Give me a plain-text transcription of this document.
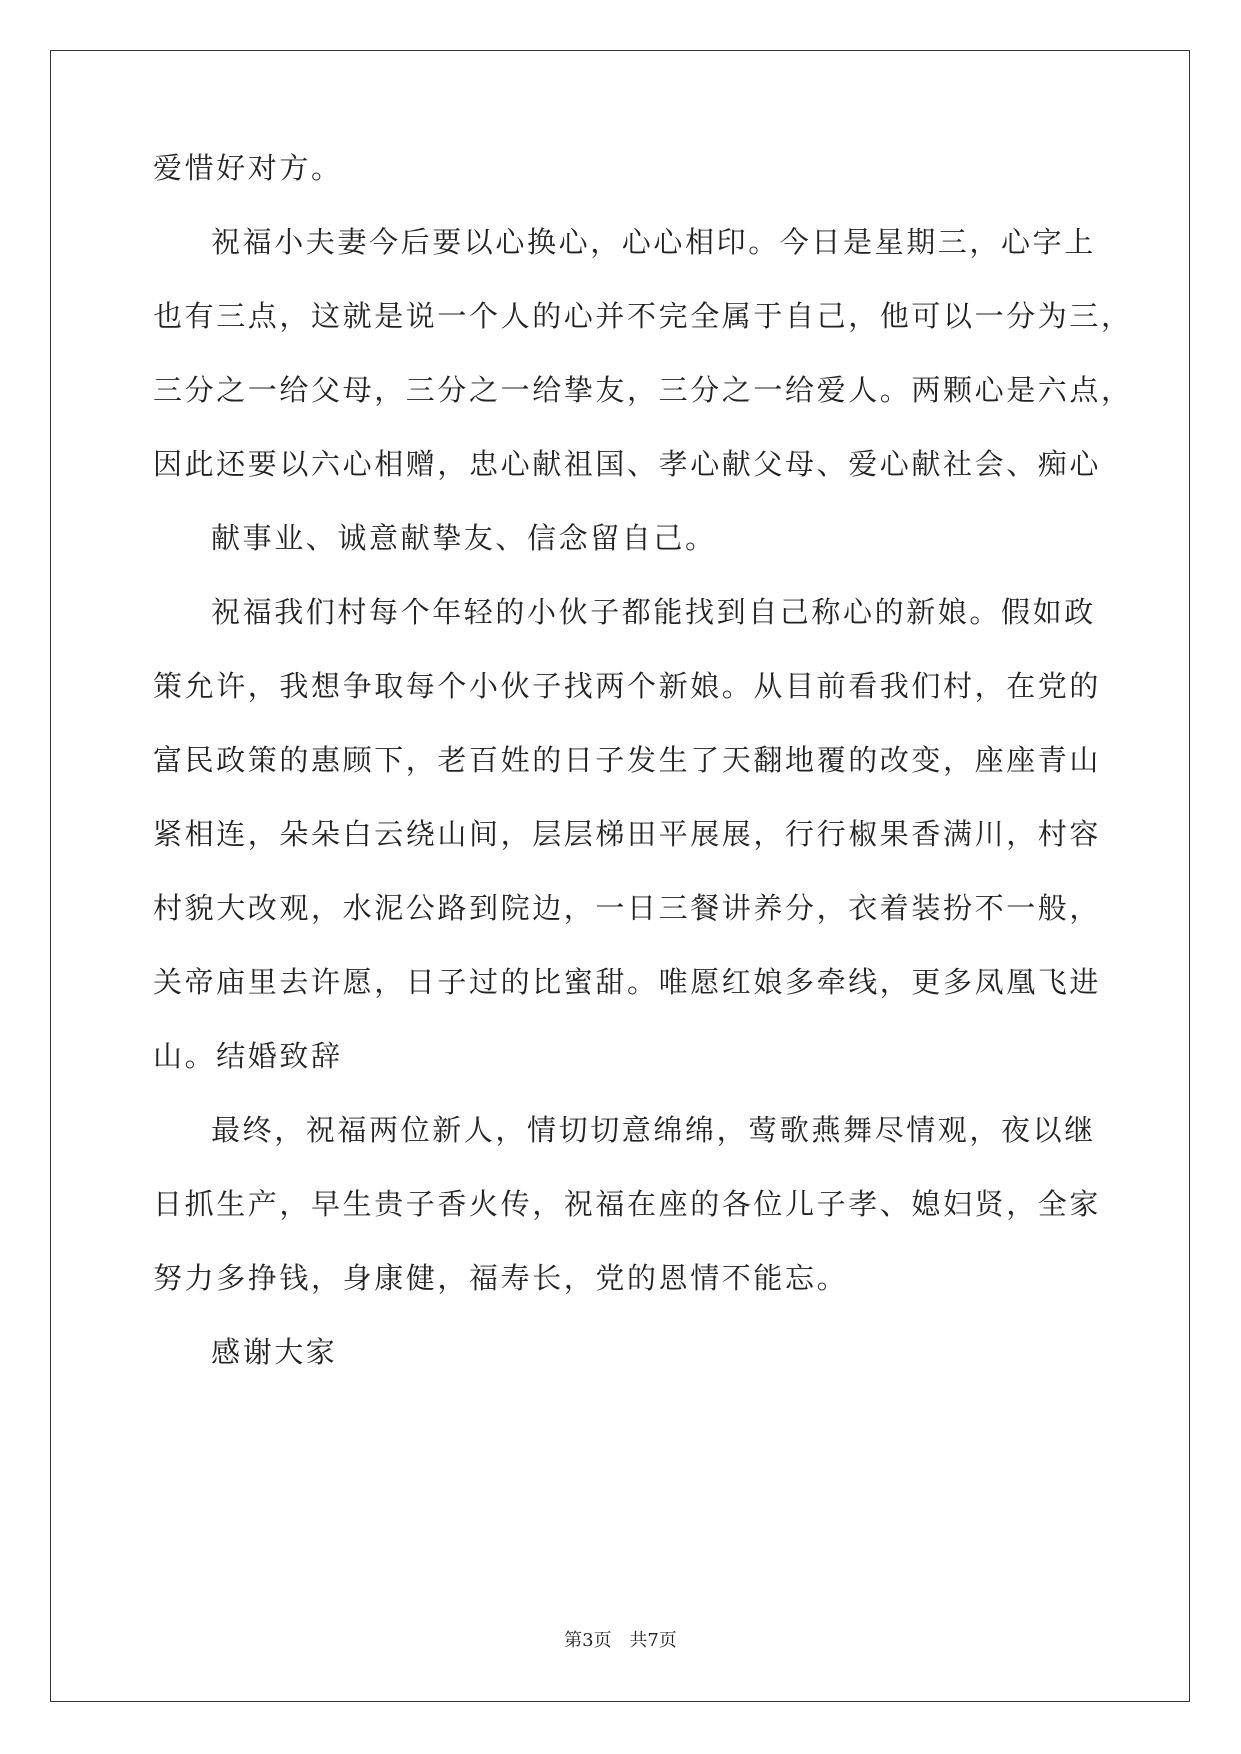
爱惜好对方。
祝福小夫妻今后要以心换心，心心相印。今日是星期三，心字上
也有三点，这就是说一个人的心并不完全属于自己，他可以一分为三，
三分之一给父母，三分之一给挚友，三分之一给爱人。两颗心是六点，
因此还要以六心相赠，忠心献祖国、孝心献父母、爱心献社会、痴心
献事业、诚意献挚友、信念留自己。
祝福我们村每个年轻的小伙子都能找到自己称心的新娘。假如政
策允许，我想争取每个小伙子找两个新娘。从目前看我们村，在党的
富民政策的惠顾下，老百姓的日子发生了天翻地覆的改变，座座青山
紧相连，朵朵白云绕山间，层层梯田平展展，行行椒果香满川，村容
村貌大改观，水泥公路到院边，一日三餐讲养分，衣着装扮不一般，
关帝庙里去许愿，日子过的比蜜甜。唯愿红娘多牵线，更多凤凰飞进
山。结婚致辞
最终，祝福两位新人，情切切意绵绵，莺歌燕舞尽情观，夜以继
日抓生产，早生贵子香火传，祝福在座的各位儿子孝、媳妇贤，全家
努力多挣钱，身康健，福寿长，党的恩情不能忘。
感谢大家
第3页 共7页
